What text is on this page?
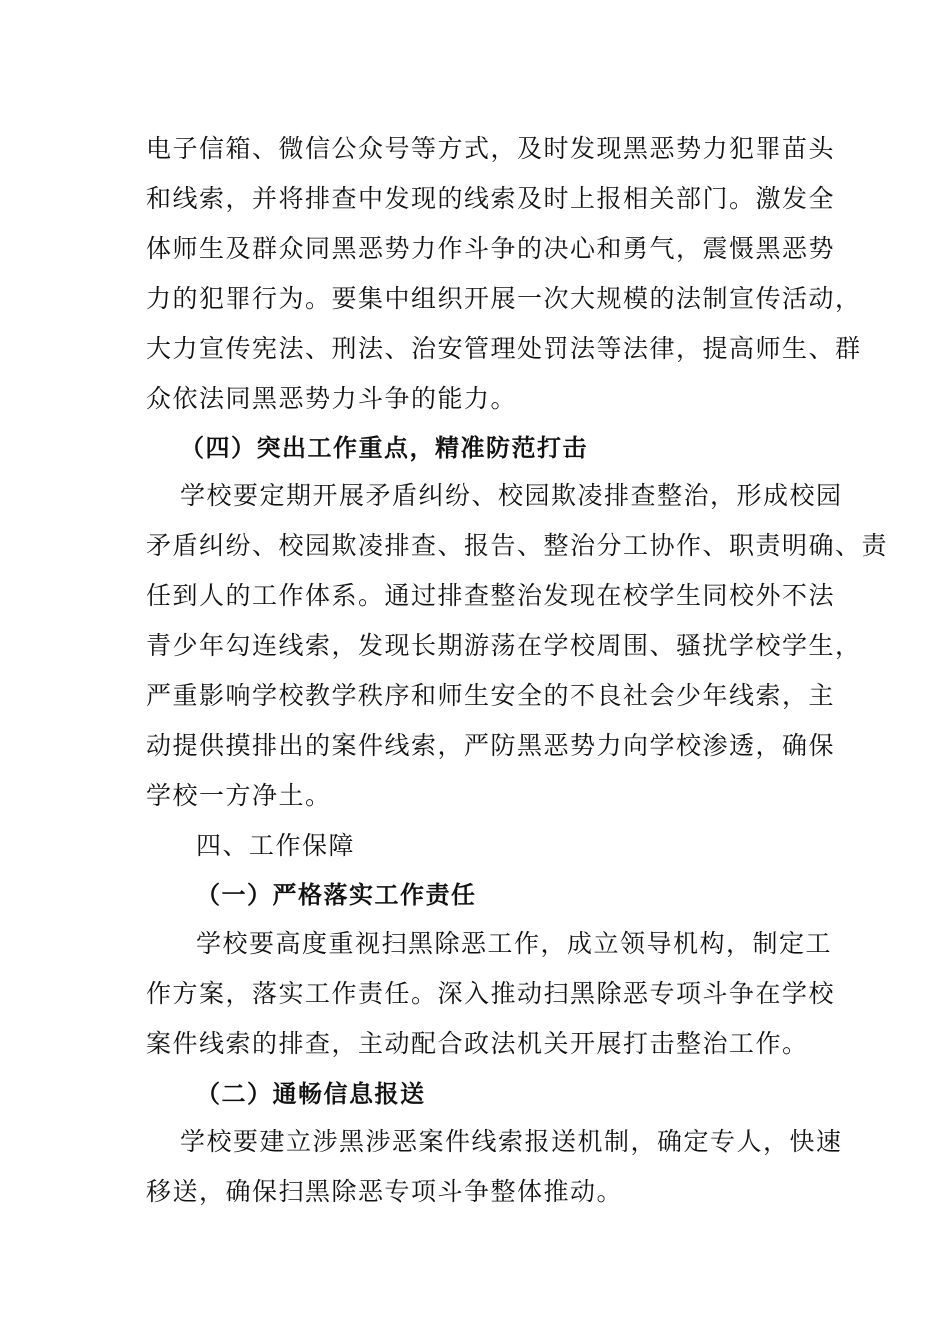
电子信箱、微信公众号等方式，及时发现黑恶势力犯罪苗头
和线索，并将排查中发现的线索及时上报相关部门。激发全
体师生及群众同黑恶势力作斗争的决心和勇气，震慑黑恶势
力的犯罪行为。要集中组织开展一次大规模的法制宣传活动，
大力宣传宪法、刑法、治安管理处罚法等法律，提高师生、群
众依法同黑恶势力斗争的能力。
（四）突出工作重点，精准防范打击
学校要定期开展矛盾纠纷、校园欺凌排查整治，形成校园
矛盾纠纷、校园欺凌排查、报告、整治分工协作、职责明确、责
任到人的工作体系。通过排查整治发现在校学生同校外不法
青少年勾连线索，发现长期游荡在学校周围、骚扰学校学生，
严重影响学校教学秩序和师生安全的不良社会少年线索，主
动提供摸排出的案件线索，严防黑恶势力向学校渗透，确保
学校一方净土。
四、工作保障
（一）严格落实工作责任
学校要高度重视扫黑除恶工作，成立领导机构，制定工
作方案，落实工作责任。深入推动扫黑除恶专项斗争在学校
案件线索的排查，主动配合政法机关开展打击整治工作。
（二）通畅信息报送
学校要建立涉黑涉恶案件线索报送机制，确定专人，快速
移送，确保扫黑除恶专项斗争整体推动。
